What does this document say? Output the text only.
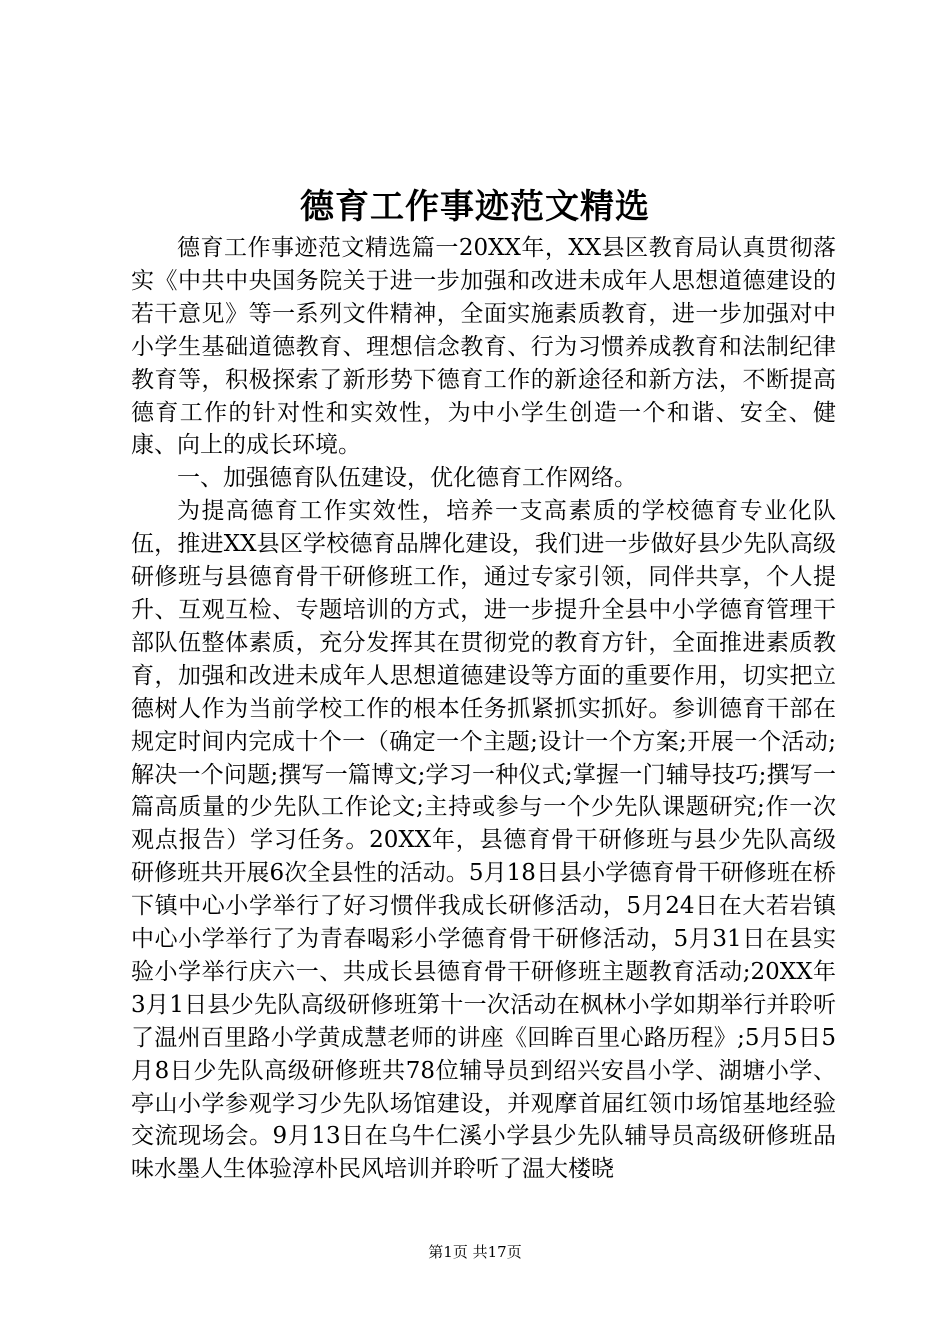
德育工作事迹范文精选

德育工作事迹范文精选篇一20XX年，XX县区教育局认真贯彻落实《中共中央国务院关于进一步加强和改进未成年人思想道德建设的若干意见》等一系列文件精神，全面实施素质教育，进一步加强对中小学生基础道德教育、理想信念教育、行为习惯养成教育和法制纪律教育等，积极探索了新形势下德育工作的新途径和新方法，不断提高德育工作的针对性和实效性，为中小学生创造一个和谐、安全、健康、向上的成长环境。

一、加强德育队伍建设，优化德育工作网络。

为提高德育工作实效性，培养一支高素质的学校德育专业化队伍，推进XX县区学校德育品牌化建设，我们进一步做好县少先队高级研修班与县德育骨干研修班工作，通过专家引领，同伴共享，个人提升、互观互检、专题培训的方式，进一步提升全县中小学德育管理干部队伍整体素质，充分发挥其在贯彻党的教育方针，全面推进素质教育，加强和改进未成年人思想道德建设等方面的重要作用，切实把立德树人作为当前学校工作的根本任务抓紧抓实抓好。参训德育干部在规定时间内完成十个一（确定一个主题;设计一个方案;开展一个活动;解决一个问题;撰写一篇博文;学习一种仪式;掌握一门辅导技巧;撰写一篇高质量的少先队工作论文;主持或参与一个少先队课题研究;作一次观点报告）学习任务。20XX年，县德育骨干研修班与县少先队高级研修班共开展6次全县性的活动。5月18日县小学德育骨干研修班在桥下镇中心小学举行了好习惯伴我成长研修活动，5月24日在大若岩镇中心小学举行了为青春喝彩小学德育骨干研修活动，5月31日在县实验小学举行庆六一、共成长县德育骨干研修班主题教育活动;20XX年3月1日县少先队高级研修班第十一次活动在枫林小学如期举行并聆听了温州百里路小学黄成慧老师的讲座《回眸百里心路历程》;5月5日5月8日少先队高级研修班共78位辅导员到绍兴安昌小学、湖塘小学、亭山小学参观学习少先队场馆建设，并观摩首届红领巾场馆基地经验交流现场会。9月13日在乌牛仁溪小学县少先队辅导员高级研修班品味水墨人生体验淳朴民风培训并聆听了温大楼晓

第1页 共17页
